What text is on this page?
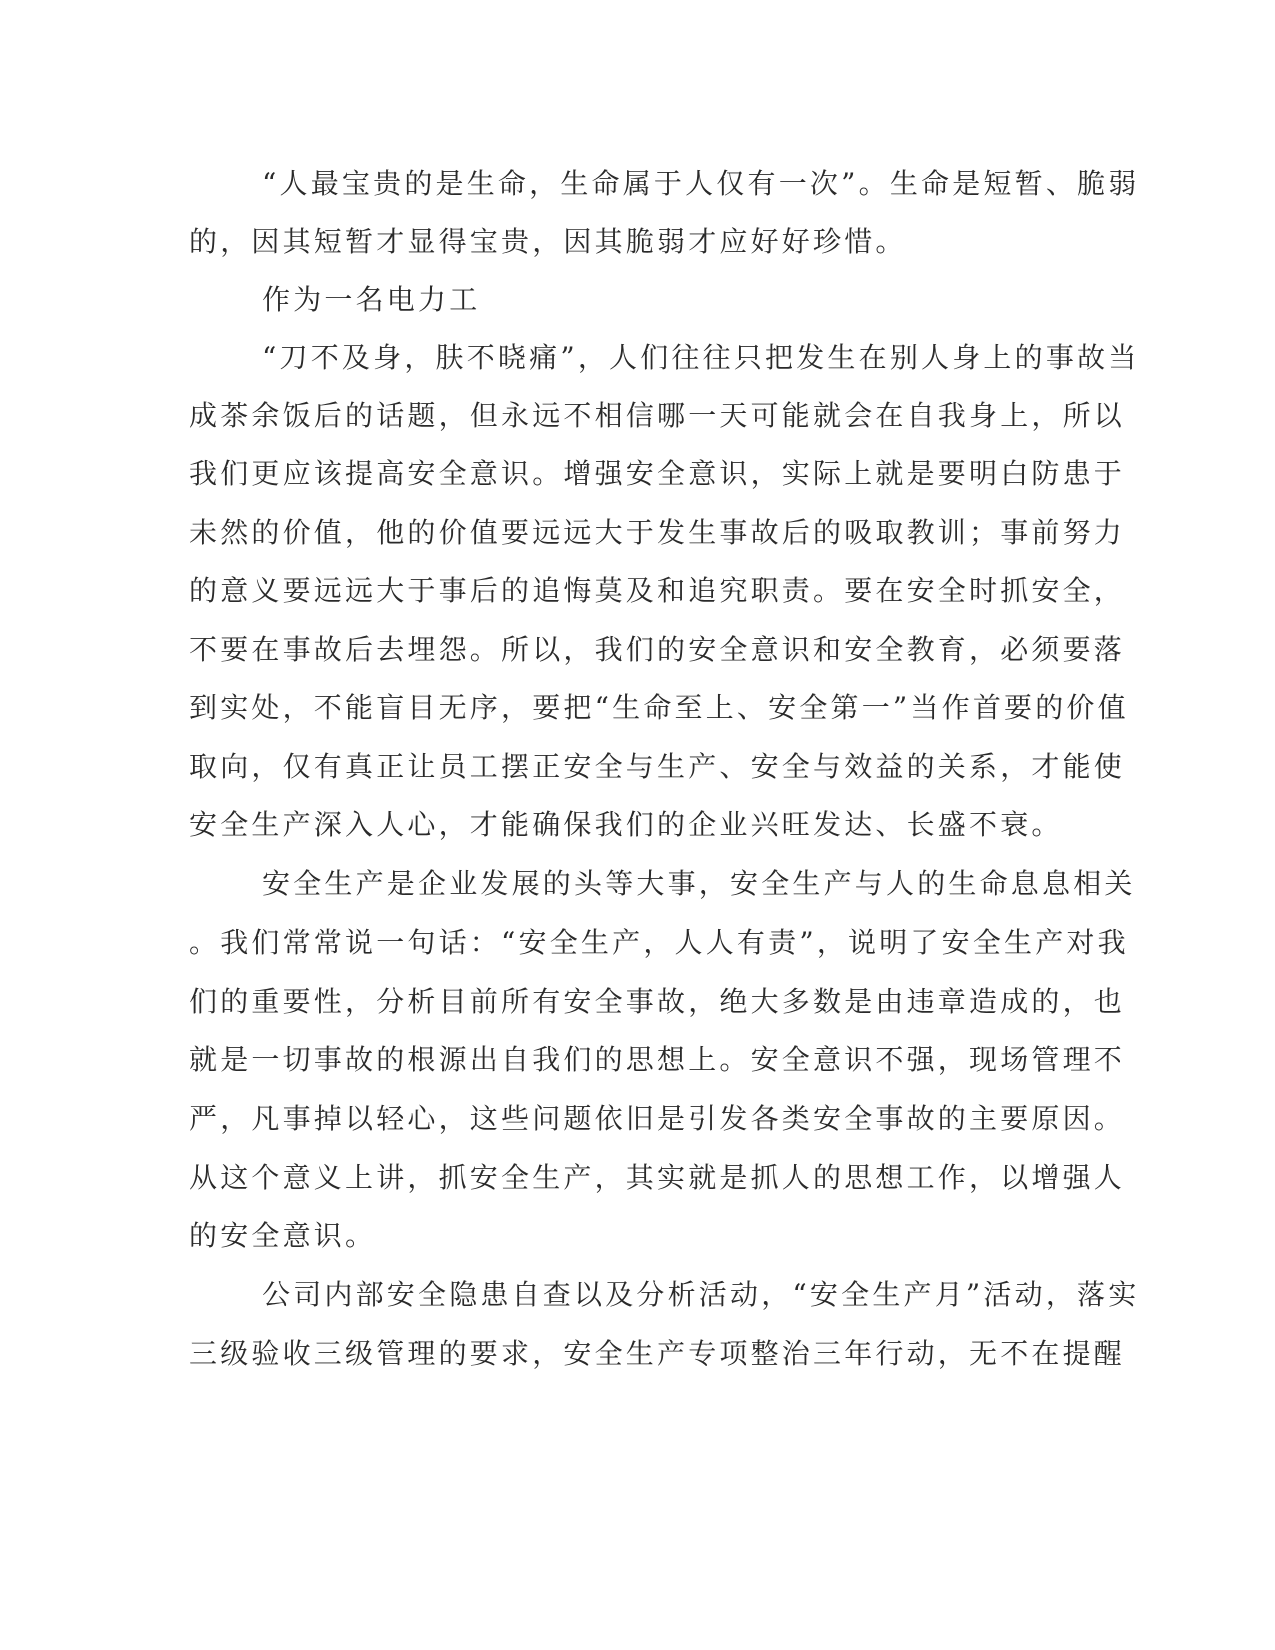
“人最宝贵的是生命，生命属于人仅有一次”。生命是短暂、脆弱
的，因其短暂才显得宝贵，因其脆弱才应好好珍惜。
作为一名电力工
“刀不及身，肤不晓痛”，人们往往只把发生在别人身上的事故当
成茶余饭后的话题，但永远不相信哪一天可能就会在自我身上，所以
我们更应该提高安全意识。增强安全意识，实际上就是要明白防患于
未然的价值，他的价值要远远大于发生事故后的吸取教训；事前努力
的意义要远远大于事后的追悔莫及和追究职责。要在安全时抓安全，
不要在事故后去埋怨。所以，我们的安全意识和安全教育，必须要落
到实处，不能盲目无序，要把“生命至上、安全第一”当作首要的价值
取向，仅有真正让员工摆正安全与生产、安全与效益的关系，才能使
安全生产深入人心，才能确保我们的企业兴旺发达、长盛不衰。
安全生产是企业发展的头等大事，安全生产与人的生命息息相关
。我们常常说一句话：“安全生产，人人有责”，说明了安全生产对我
们的重要性，分析目前所有安全事故，绝大多数是由违章造成的，也
就是一切事故的根源出自我们的思想上。安全意识不强，现场管理不
严，凡事掉以轻心，这些问题依旧是引发各类安全事故的主要原因。
从这个意义上讲，抓安全生产，其实就是抓人的思想工作，以增强人
的安全意识。
公司内部安全隐患自查以及分析活动，“安全生产月”活动，落实
三级验收三级管理的要求，安全生产专项整治三年行动，无不在提醒
